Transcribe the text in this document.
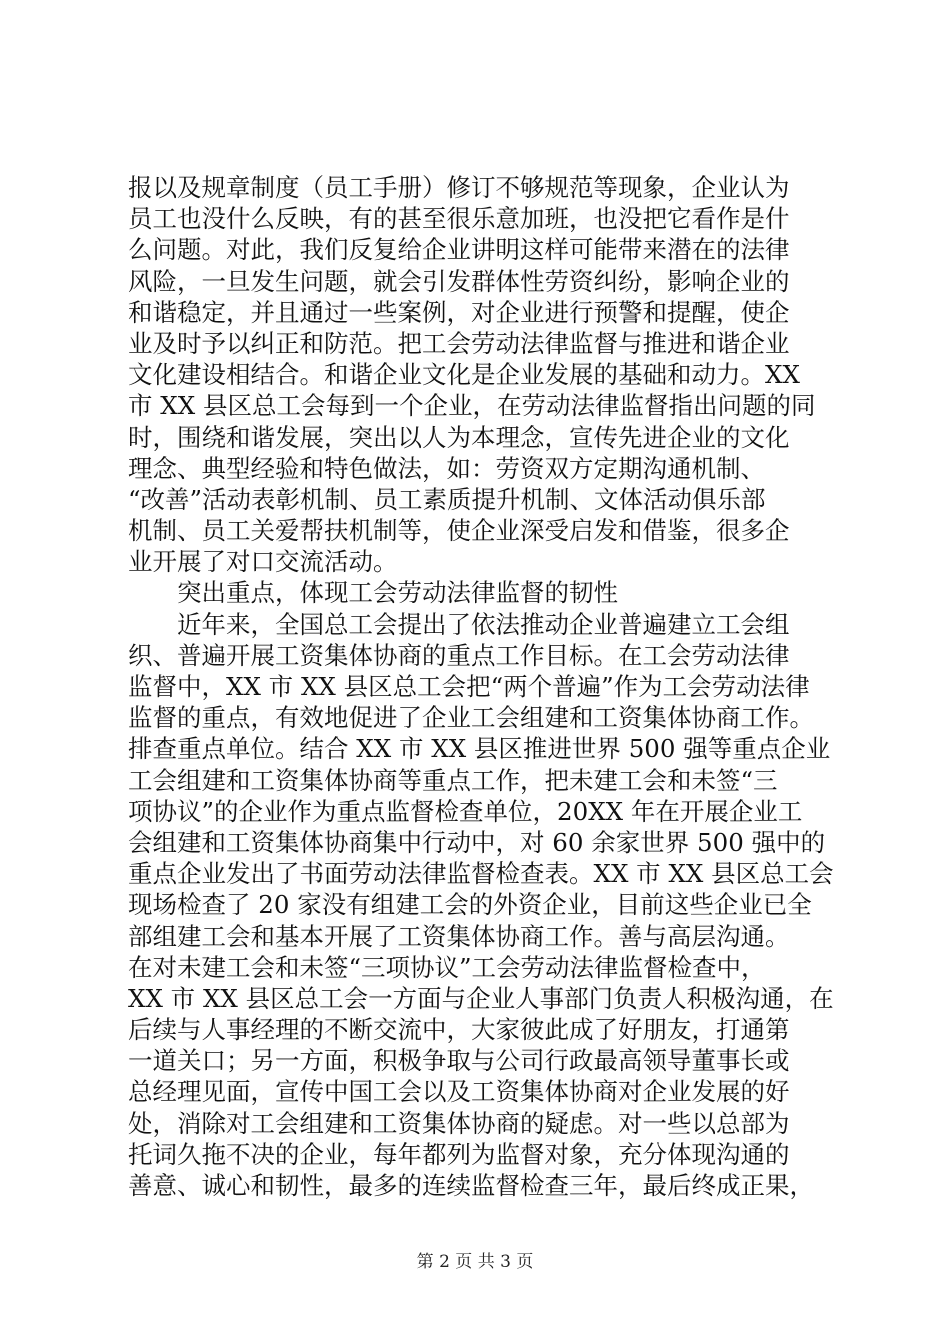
报以及规章制度（员工手册）修订不够规范等现象，企业认为
员工也没什么反映，有的甚至很乐意加班，也没把它看作是什
么问题。对此，我们反复给企业讲明这样可能带来潜在的法律
风险，一旦发生问题，就会引发群体性劳资纠纷，影响企业的
和谐稳定，并且通过一些案例，对企业进行预警和提醒，使企
业及时予以纠正和防范。把工会劳动法律监督与推进和谐企业
文化建设相结合。和谐企业文化是企业发展的基础和动力。XX
市 XX 县区总工会每到一个企业，在劳动法律监督指出问题的同
时，围绕和谐发展，突出以人为本理念，宣传先进企业的文化
理念、典型经验和特色做法，如：劳资双方定期沟通机制、
“改善”活动表彰机制、员工素质提升机制、文体活动俱乐部
机制、员工关爱帮扶机制等，使企业深受启发和借鉴，很多企
业开展了对口交流活动。
突出重点，体现工会劳动法律监督的韧性
近年来，全国总工会提出了依法推动企业普遍建立工会组
织、普遍开展工资集体协商的重点工作目标。在工会劳动法律
监督中，XX 市 XX 县区总工会把“两个普遍”作为工会劳动法律
监督的重点，有效地促进了企业工会组建和工资集体协商工作。
排查重点单位。结合 XX 市 XX 县区推进世界 500 强等重点企业
工会组建和工资集体协商等重点工作，把未建工会和未签“三
项协议”的企业作为重点监督检查单位，20XX 年在开展企业工
会组建和工资集体协商集中行动中，对 60 余家世界 500 强中的
重点企业发出了书面劳动法律监督检查表。XX 市 XX 县区总工会
现场检查了 20 家没有组建工会的外资企业，目前这些企业已全
部组建工会和基本开展了工资集体协商工作。善与高层沟通。
在对未建工会和未签“三项协议”工会劳动法律监督检查中，
XX 市 XX 县区总工会一方面与企业人事部门负责人积极沟通，在
后续与人事经理的不断交流中，大家彼此成了好朋友，打通第
一道关口；另一方面，积极争取与公司行政最高领导董事长或
总经理见面，宣传中国工会以及工资集体协商对企业发展的好
处，消除对工会组建和工资集体协商的疑虑。对一些以总部为
托词久拖不决的企业，每年都列为监督对象，充分体现沟通的
善意、诚心和韧性，最多的连续监督检查三年，最后终成正果，
第 2 页 共 3 页
